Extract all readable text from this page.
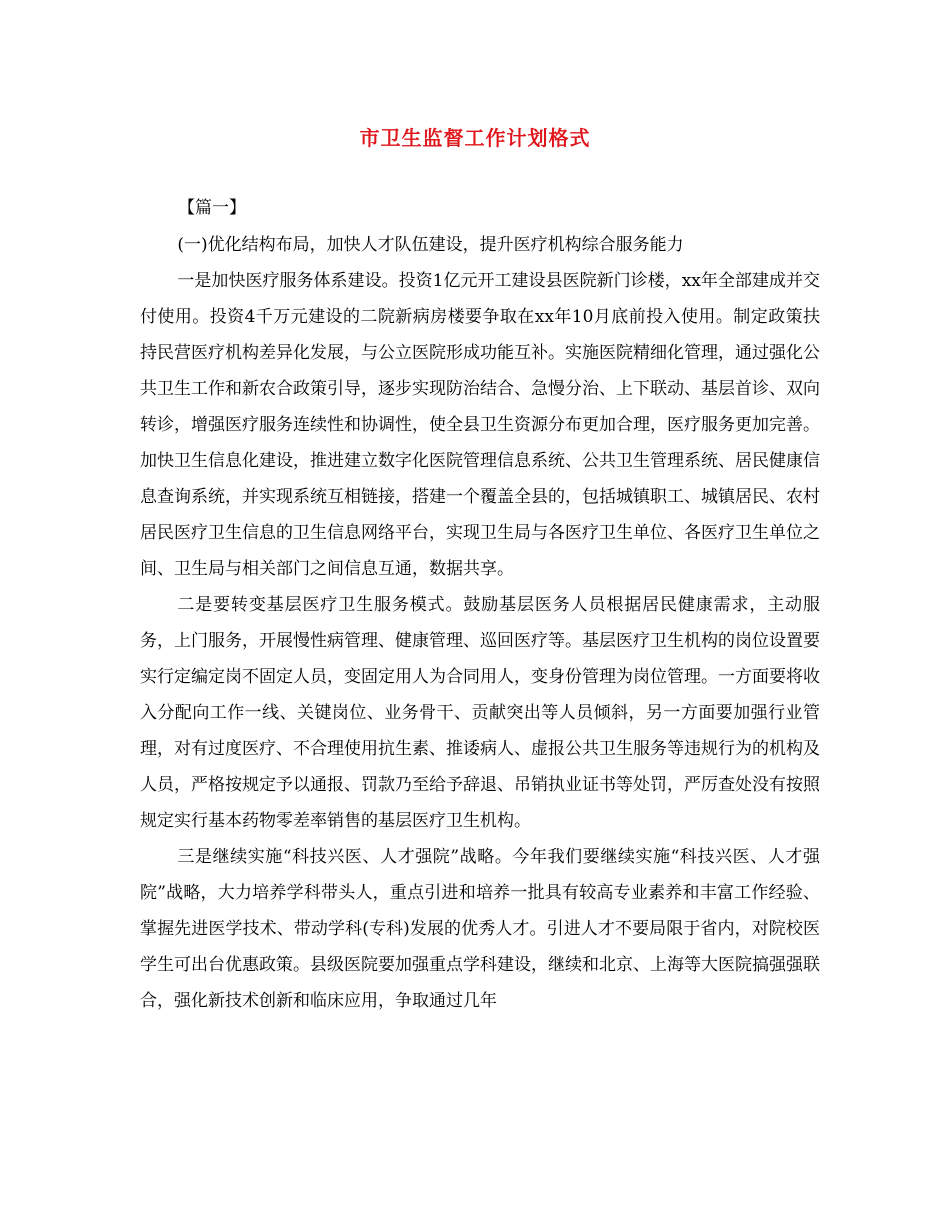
市卫生监督工作计划格式
【篇一】

(一)优化结构布局，加快人才队伍建设，提升医疗机构综合服务能力

一是加快医疗服务体系建设。投资1亿元开工建设县医院新门诊楼，xx年全部建成并交付使用。投资4千万元建设的二院新病房楼要争取在xx年10月底前投入使用。制定政策扶持民营医疗机构差异化发展，与公立医院形成功能互补。实施医院精细化管理，通过强化公共卫生工作和新农合政策引导，逐步实现防治结合、急慢分治、上下联动、基层首诊、双向转诊，增强医疗服务连续性和协调性，使全县卫生资源分布更加合理，医疗服务更加完善。加快卫生信息化建设，推进建立数字化医院管理信息系统、公共卫生管理系统、居民健康信息查询系统，并实现系统互相链接，搭建一个覆盖全县的，包括城镇职工、城镇居民、农村居民医疗卫生信息的卫生信息网络平台，实现卫生局与各医疗卫生单位、各医疗卫生单位之间、卫生局与相关部门之间信息互通，数据共享。

二是要转变基层医疗卫生服务模式。鼓励基层医务人员根据居民健康需求，主动服务，上门服务，开展慢性病管理、健康管理、巡回医疗等。基层医疗卫生机构的岗位设置要实行定编定岗不固定人员，变固定用人为合同用人，变身份管理为岗位管理。一方面要将收入分配向工作一线、关键岗位、业务骨干、贡献突出等人员倾斜，另一方面要加强行业管理，对有过度医疗、不合理使用抗生素、推诿病人、虚报公共卫生服务等违规行为的机构及人员，严格按规定予以通报、罚款乃至给予辞退、吊销执业证书等处罚，严厉查处没有按照规定实行基本药物零差率销售的基层医疗卫生机构。

三是继续实施“科技兴医、人才强院”战略。今年我们要继续实施“科技兴医、人才强院”战略，大力培养学科带头人，重点引进和培养一批具有较高专业素养和丰富工作经验、掌握先进医学技术、带动学科(专科)发展的优秀人才。引进人才不要局限于省内，对院校医学生可出台优惠政策。县级医院要加强重点学科建设，继续和北京、上海等大医院搞强强联合，强化新技术创新和临床应用，争取通过几年
